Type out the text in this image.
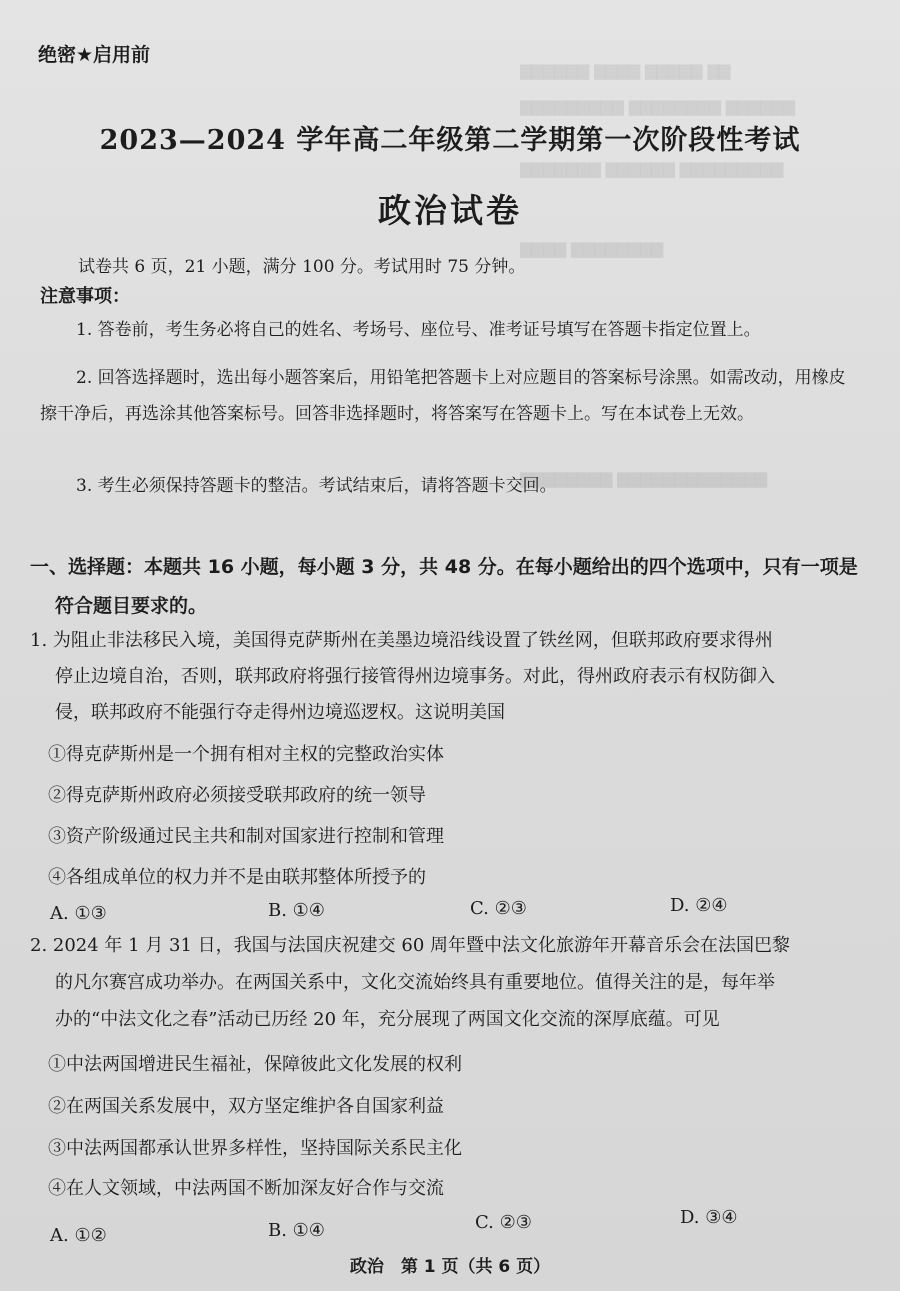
▇▇▇▇▇▇ ▇▇▇▇ ▇▇▇▇▇ ▇▇
▇▇▇▇▇▇▇▇▇ ▇▇▇▇▇▇▇▇ ▇▇▇▇▇▇
▇▇▇▇▇▇▇ ▇▇▇▇▇▇ ▇▇▇▇▇▇▇▇▇
▇▇▇▇ ▇▇▇▇▇▇▇▇
▇▇▇▇▇▇▇▇ ▇▇▇▇▇▇▇▇▇▇▇▇▇
绝密★启用前
2023—2024 学年高二年级第二学期第一次阶段性考试
政治试卷
试卷共 6 页，21 小题，满分 100 分。考试用时 75 分钟。
注意事项：
1. 答卷前，考生务必将自己的姓名、考场号、座位号、准考证号填写在答题卡指定位置上。
2. 回答选择题时，选出每小题答案后，用铅笔把答题卡上对应题目的答案标号涂黑。如需改动，用橡皮擦干净后，再选涂其他答案标号。回答非选择题时，将答案写在答题卡上。写在本试卷上无效。
3. 考生必须保持答题卡的整洁。考试结束后，请将答题卡交回。
一、选择题：本题共 16 小题，每小题 3 分，共 48 分。在每小题给出的四个选项中，只有一项是
符合题目要求的。
1. 为阻止非法移民入境，美国得克萨斯州在美墨边境沿线设置了铁丝网，但联邦政府要求得州
停止边境自治，否则，联邦政府将强行接管得州边境事务。对此，得州政府表示有权防御入
侵，联邦政府不能强行夺走得州边境巡逻权。这说明美国
①得克萨斯州是一个拥有相对主权的完整政治实体
②得克萨斯州政府必须接受联邦政府的统一领导
③资产阶级通过民主共和制对国家进行控制和管理
④各组成单位的权力并不是由联邦整体所授予的
A. ①③	B. ①④	C. ②③	D. ②④
2. 2024 年 1 月 31 日，我国与法国庆祝建交 60 周年暨中法文化旅游年开幕音乐会在法国巴黎
的凡尔赛宫成功举办。在两国关系中，文化交流始终具有重要地位。值得关注的是，每年举
办的“中法文化之春”活动已历经 20 年，充分展现了两国文化交流的深厚底蕴。可见
①中法两国增进民生福祉，保障彼此文化发展的权利
②在两国关系发展中，双方坚定维护各自国家利益
③中法两国都承认世界多样性，坚持国际关系民主化
④在人文领域，中法两国不断加深友好合作与交流
A. ①②	B. ①④	C. ②③	D. ③④
政治　第 1 页（共 6 页）
